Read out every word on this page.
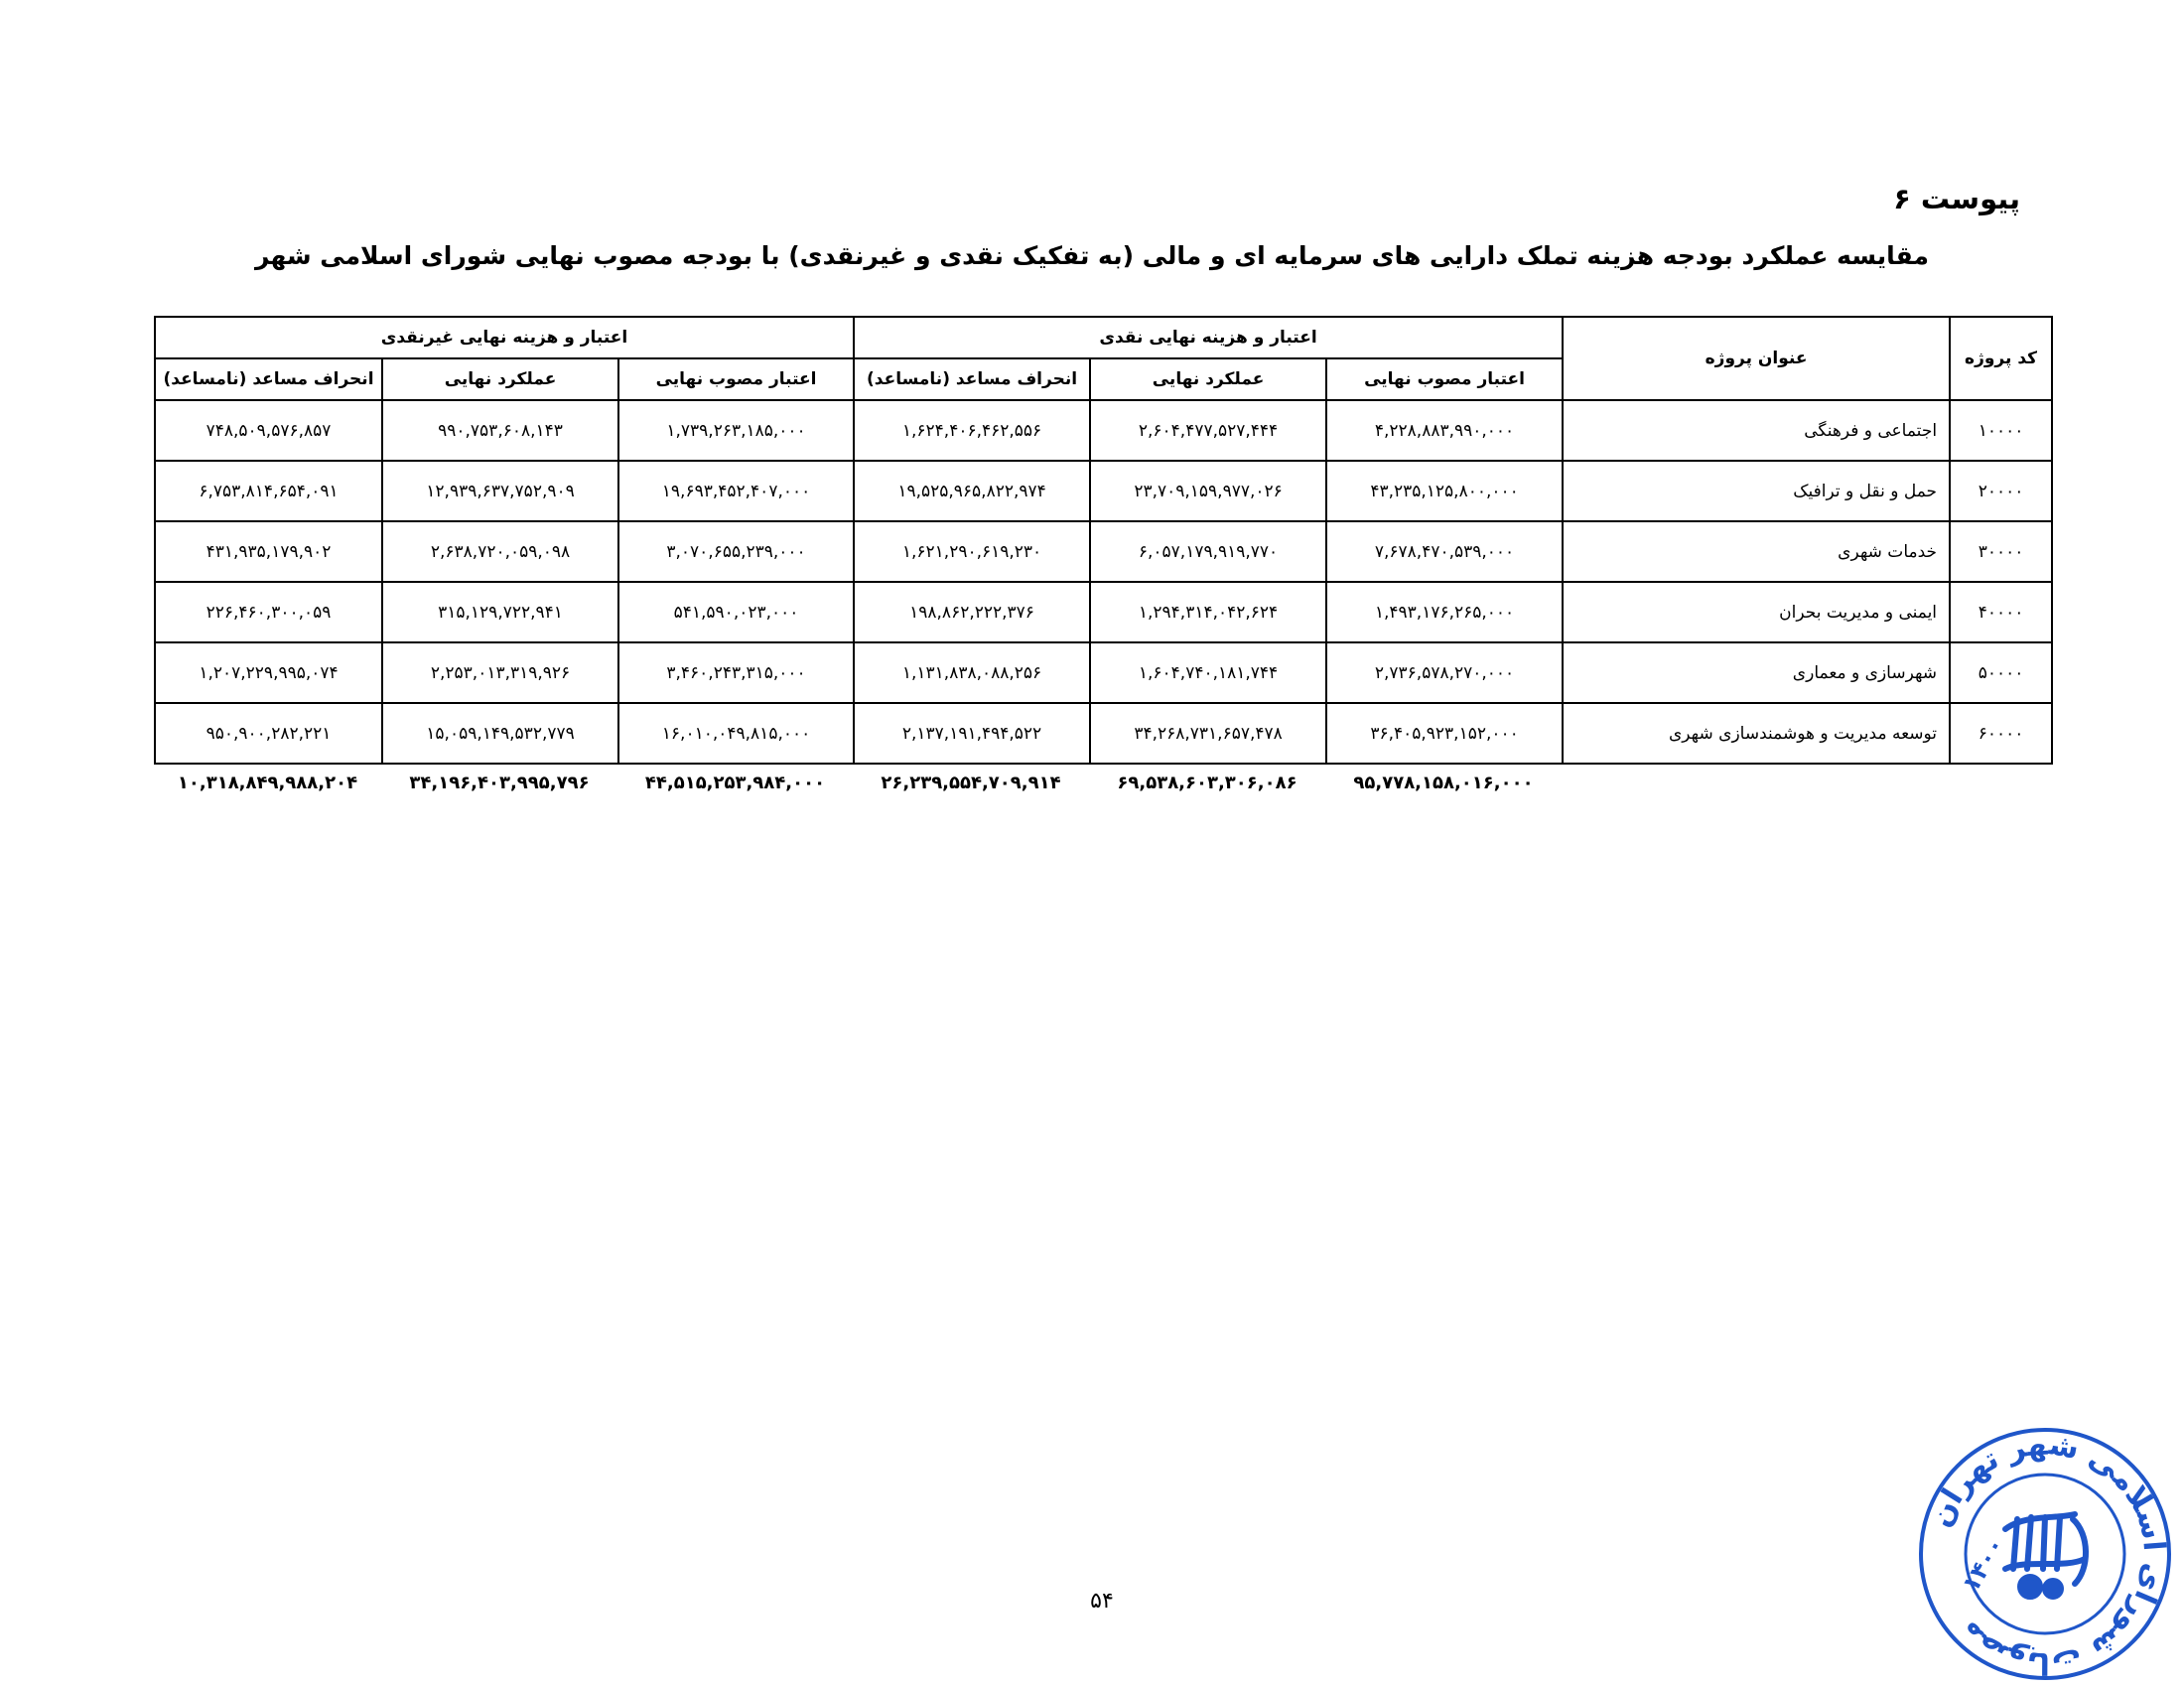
پیوست ۶
مقایسه عملکرد بودجه هزینه تملک دارایی های سرمایه ای و مالی (به تفکیک نقدی و غیرنقدی) با بودجه مصوب نهایی شورای اسلامی شهر
کد پروژه	عنوان پروژه	اعتبار و هزینه نهایی نقدی			اعتبار و هزینه نهایی غیرنقدی		
		اعتبار مصوب نهایی	عملکرد نهایی	انحراف مساعد (نامساعد)	اعتبار مصوب نهایی	عملکرد نهایی	انحراف مساعد (نامساعد)
۱۰۰۰۰	اجتماعی و فرهنگی	۴,۲۲۸,۸۸۳,۹۹۰,۰۰۰	۲,۶۰۴,۴۷۷,۵۲۷,۴۴۴	۱,۶۲۴,۴۰۶,۴۶۲,۵۵۶	۱,۷۳۹,۲۶۳,۱۸۵,۰۰۰	۹۹۰,۷۵۳,۶۰۸,۱۴۳	۷۴۸,۵۰۹,۵۷۶,۸۵۷
۲۰۰۰۰	حمل و نقل و ترافیک	۴۳,۲۳۵,۱۲۵,۸۰۰,۰۰۰	۲۳,۷۰۹,۱۵۹,۹۷۷,۰۲۶	۱۹,۵۲۵,۹۶۵,۸۲۲,۹۷۴	۱۹,۶۹۳,۴۵۲,۴۰۷,۰۰۰	۱۲,۹۳۹,۶۳۷,۷۵۲,۹۰۹	۶,۷۵۳,۸۱۴,۶۵۴,۰۹۱
۳۰۰۰۰	خدمات شهری	۷,۶۷۸,۴۷۰,۵۳۹,۰۰۰	۶,۰۵۷,۱۷۹,۹۱۹,۷۷۰	۱,۶۲۱,۲۹۰,۶۱۹,۲۳۰	۳,۰۷۰,۶۵۵,۲۳۹,۰۰۰	۲,۶۳۸,۷۲۰,۰۵۹,۰۹۸	۴۳۱,۹۳۵,۱۷۹,۹۰۲
۴۰۰۰۰	ایمنی و مدیریت بحران	۱,۴۹۳,۱۷۶,۲۶۵,۰۰۰	۱,۲۹۴,۳۱۴,۰۴۲,۶۲۴	۱۹۸,۸۶۲,۲۲۲,۳۷۶	۵۴۱,۵۹۰,۰۲۳,۰۰۰	۳۱۵,۱۲۹,۷۲۲,۹۴۱	۲۲۶,۴۶۰,۳۰۰,۰۵۹
۵۰۰۰۰	شهرسازی و معماری	۲,۷۳۶,۵۷۸,۲۷۰,۰۰۰	۱,۶۰۴,۷۴۰,۱۸۱,۷۴۴	۱,۱۳۱,۸۳۸,۰۸۸,۲۵۶	۳,۴۶۰,۲۴۳,۳۱۵,۰۰۰	۲,۲۵۳,۰۱۳,۳۱۹,۹۲۶	۱,۲۰۷,۲۲۹,۹۹۵,۰۷۴
۶۰۰۰۰	توسعه مدیریت و هوشمندسازی شهری	۳۶,۴۰۵,۹۲۳,۱۵۲,۰۰۰	۳۴,۲۶۸,۷۳۱,۶۵۷,۴۷۸	۲,۱۳۷,۱۹۱,۴۹۴,۵۲۲	۱۶,۰۱۰,۰۴۹,۸۱۵,۰۰۰	۱۵,۰۵۹,۱۴۹,۵۳۲,۷۷۹	۹۵۰,۹۰۰,۲۸۲,۲۲۱
		۹۵,۷۷۸,۱۵۸,۰۱۶,۰۰۰	۶۹,۵۳۸,۶۰۳,۳۰۶,۰۸۶	۲۶,۲۳۹,۵۵۴,۷۰۹,۹۱۴	۴۴,۵۱۵,۲۵۳,۹۸۴,۰۰۰	۳۴,۱۹۶,۴۰۳,۹۹۵,۷۹۶	۱۰,۳۱۸,۸۴۹,۹۸۸,۲۰۴
۵۴
مصوبات شورای اسلامی شهر تهران
۱۴۰۰
